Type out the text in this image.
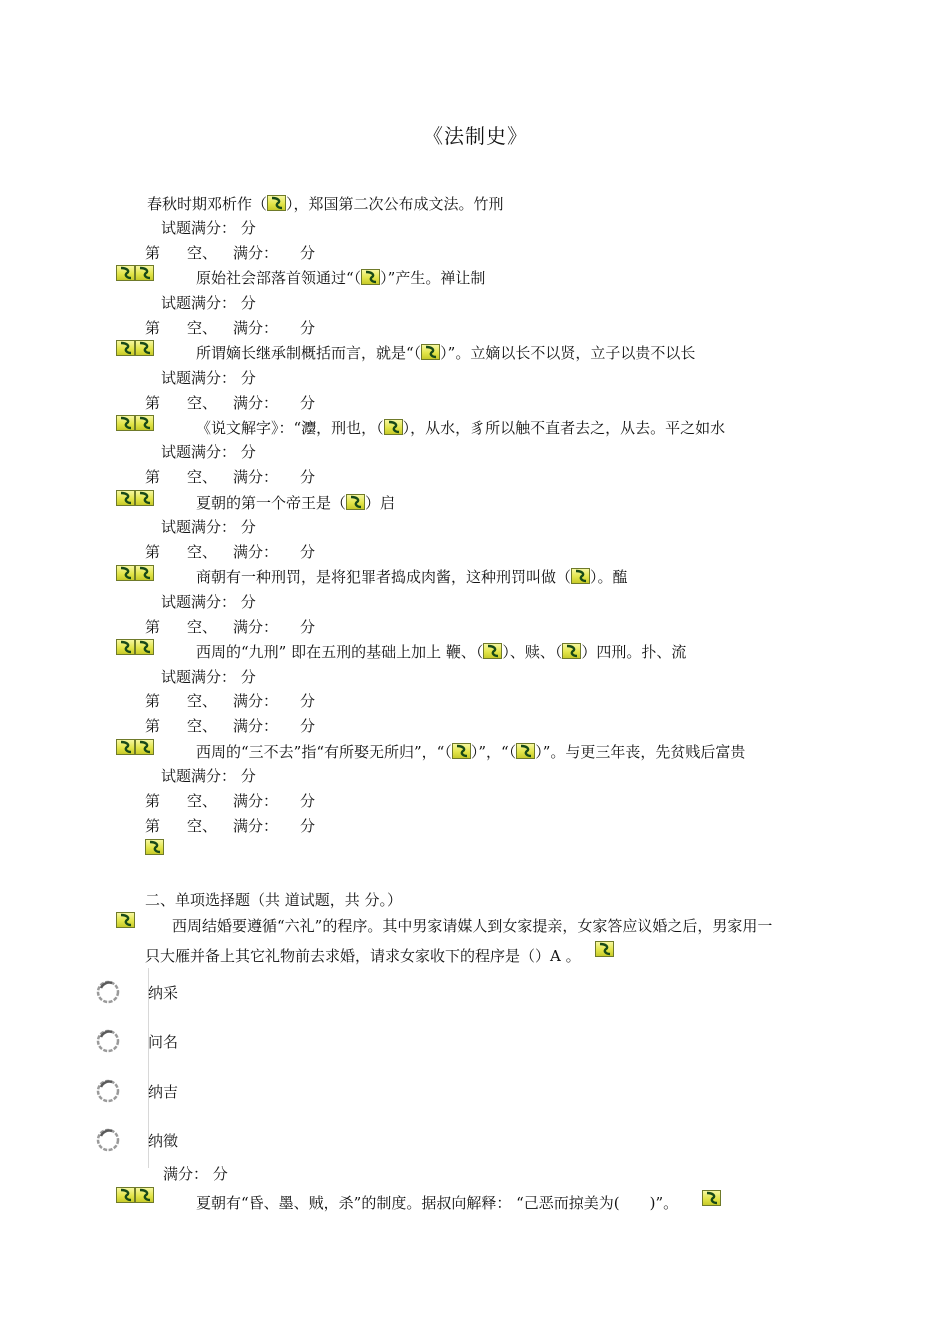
《法制史》
春秋时期邓析作（ ），郑国第二次公布成文法。竹刑
试题满分： 分
第 空、 满分： 分
原始社会部落首领通过“（ ）”产生。禅让制
试题满分： 分
第 空、 满分： 分
所谓嫡长继承制概括而言，就是“（ ）”。立嫡以长不以贤，立子以贵不以长
试题满分： 分
第 空、 满分： 分
《说文解字》：“灋，刑也，（ ），从水，豸所以触不直者去之，从去。平之如水
试题满分： 分
第 空、 满分： 分
夏朝的第一个帝王是（ ）启
试题满分： 分
第 空、 满分： 分
商朝有一种刑罚，是将犯罪者捣成肉酱，这种刑罚叫做（ ）。醢
试题满分： 分
第 空、 满分： 分
西周的“九刑” 即在五刑的基础上加上 鞭、（ ）、赎、（ ）四刑。扑、流
试题满分： 分
第 空、 满分： 分
第 空、 满分： 分
西周的“三不去”指“有所娶无所归”，“（ ）”，“（ ）”。与更三年丧，先贫贱后富贵
试题满分： 分
第 空、 满分： 分
第 空、 满分： 分
二、单项选择题（共 道试题，共 分。）
西周结婚要遵循“六礼”的程序。其中男家请媒人到女家提亲，女家答应议婚之后，男家用一
只大雁并备上其它礼物前去求婚，请求女家收下的程序是（）A 。
纳采
问名
纳吉
纳徵
满分： 分
夏朝有“昏、墨、贼，杀”的制度。据叔向解释： “己恶而掠美为( )”。
